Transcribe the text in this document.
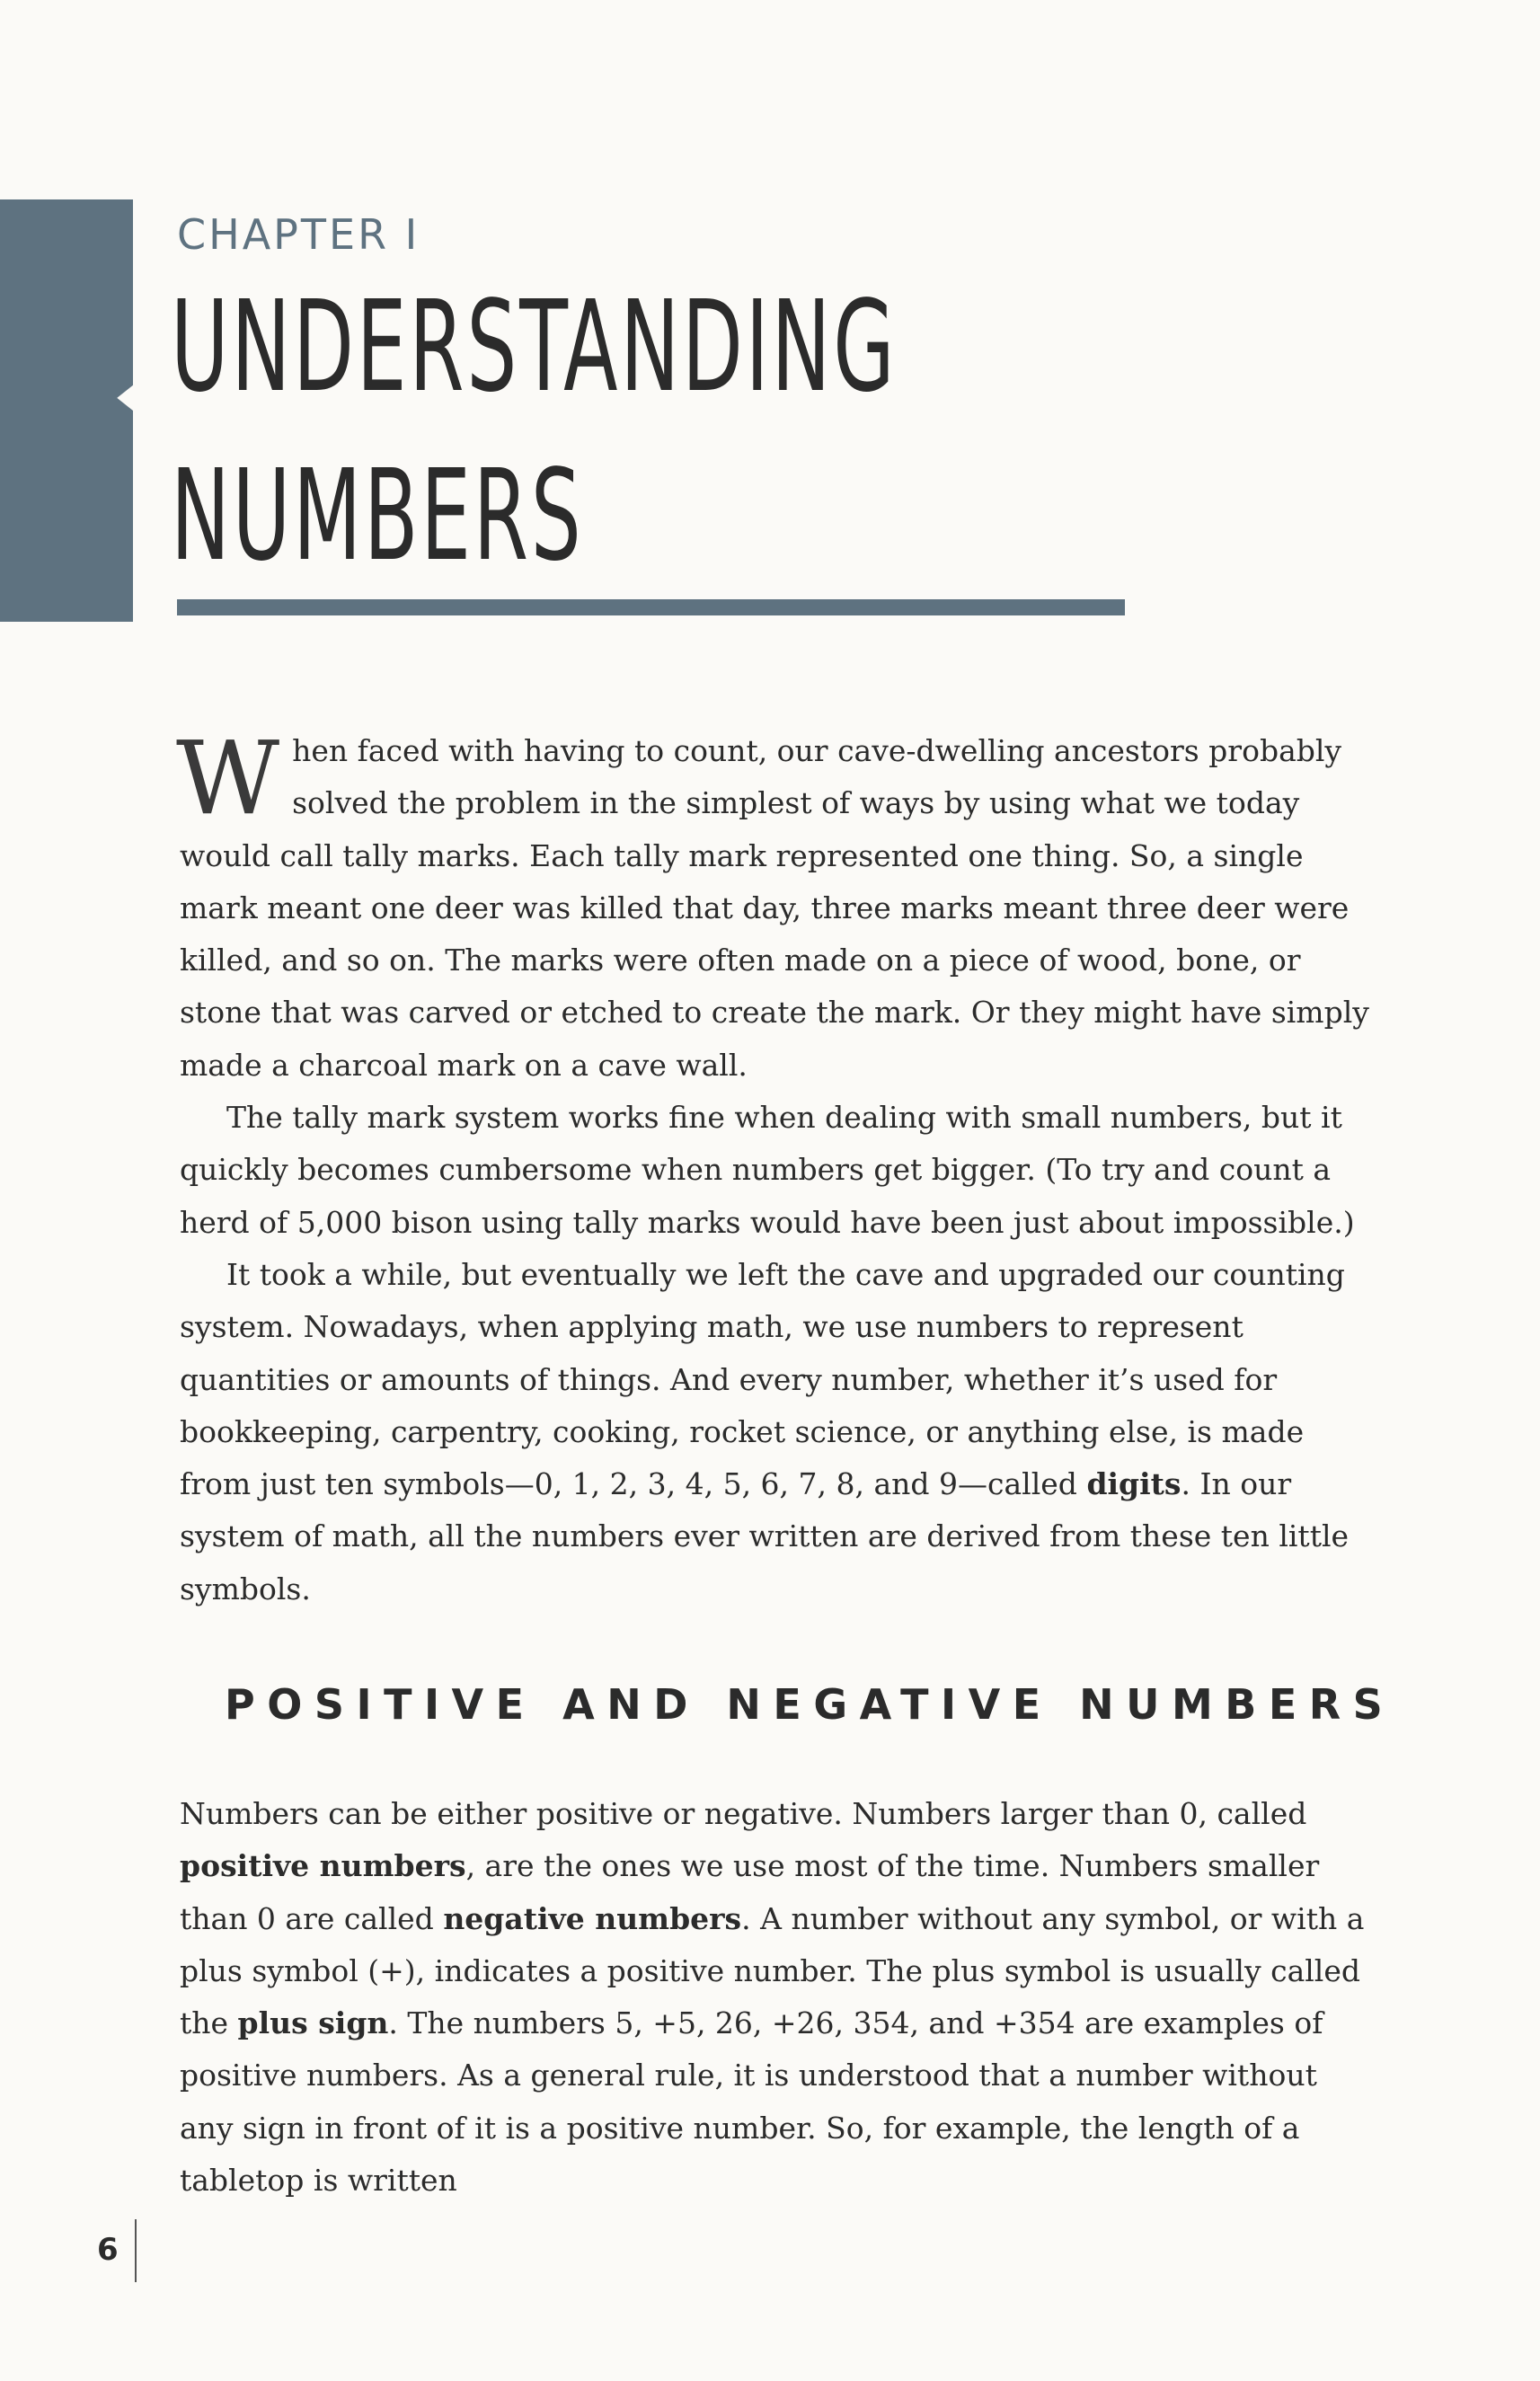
CHAPTER I
UNDERSTANDING
NUMBERS

When faced with having to count, our cave-dwelling ancestors probably solved the problem in the simplest of ways by using what we today would call tally marks. Each tally mark represented one thing. So, a single mark meant one deer was killed that day, three marks meant three deer were killed, and so on. The marks were often made on a piece of wood, bone, or stone that was carved or etched to create the mark. Or they might have simply made a charcoal mark on a cave wall.

The tally mark system works fine when dealing with small numbers, but it quickly becomes cumbersome when numbers get bigger. (To try and count a herd of 5,000 bison using tally marks would have been just about impossible.)

It took a while, but eventually we left the cave and upgraded our counting system. Nowadays, when applying math, we use numbers to represent quantities or amounts of things. And every number, whether it’s used for bookkeeping, carpentry, cooking, rocket science, or anything else, is made from just ten symbols—0, 1, 2, 3, 4, 5, 6, 7, 8, and 9—called digits. In our system of math, all the numbers ever written are derived from these ten little symbols.

POSITIVE AND NEGATIVE NUMBERS

Numbers can be either positive or negative. Numbers larger than 0, called positive numbers, are the ones we use most of the time. Numbers smaller than 0 are called negative numbers. A number without any symbol, or with a plus symbol (+), indicates a positive number. The plus symbol is usually called the plus sign. The numbers 5, +5, 26, +26, 354, and +354 are examples of positive numbers. As a general rule, it is understood that a number without any sign in front of it is a positive number. So, for example, the length of a tabletop is written

6
